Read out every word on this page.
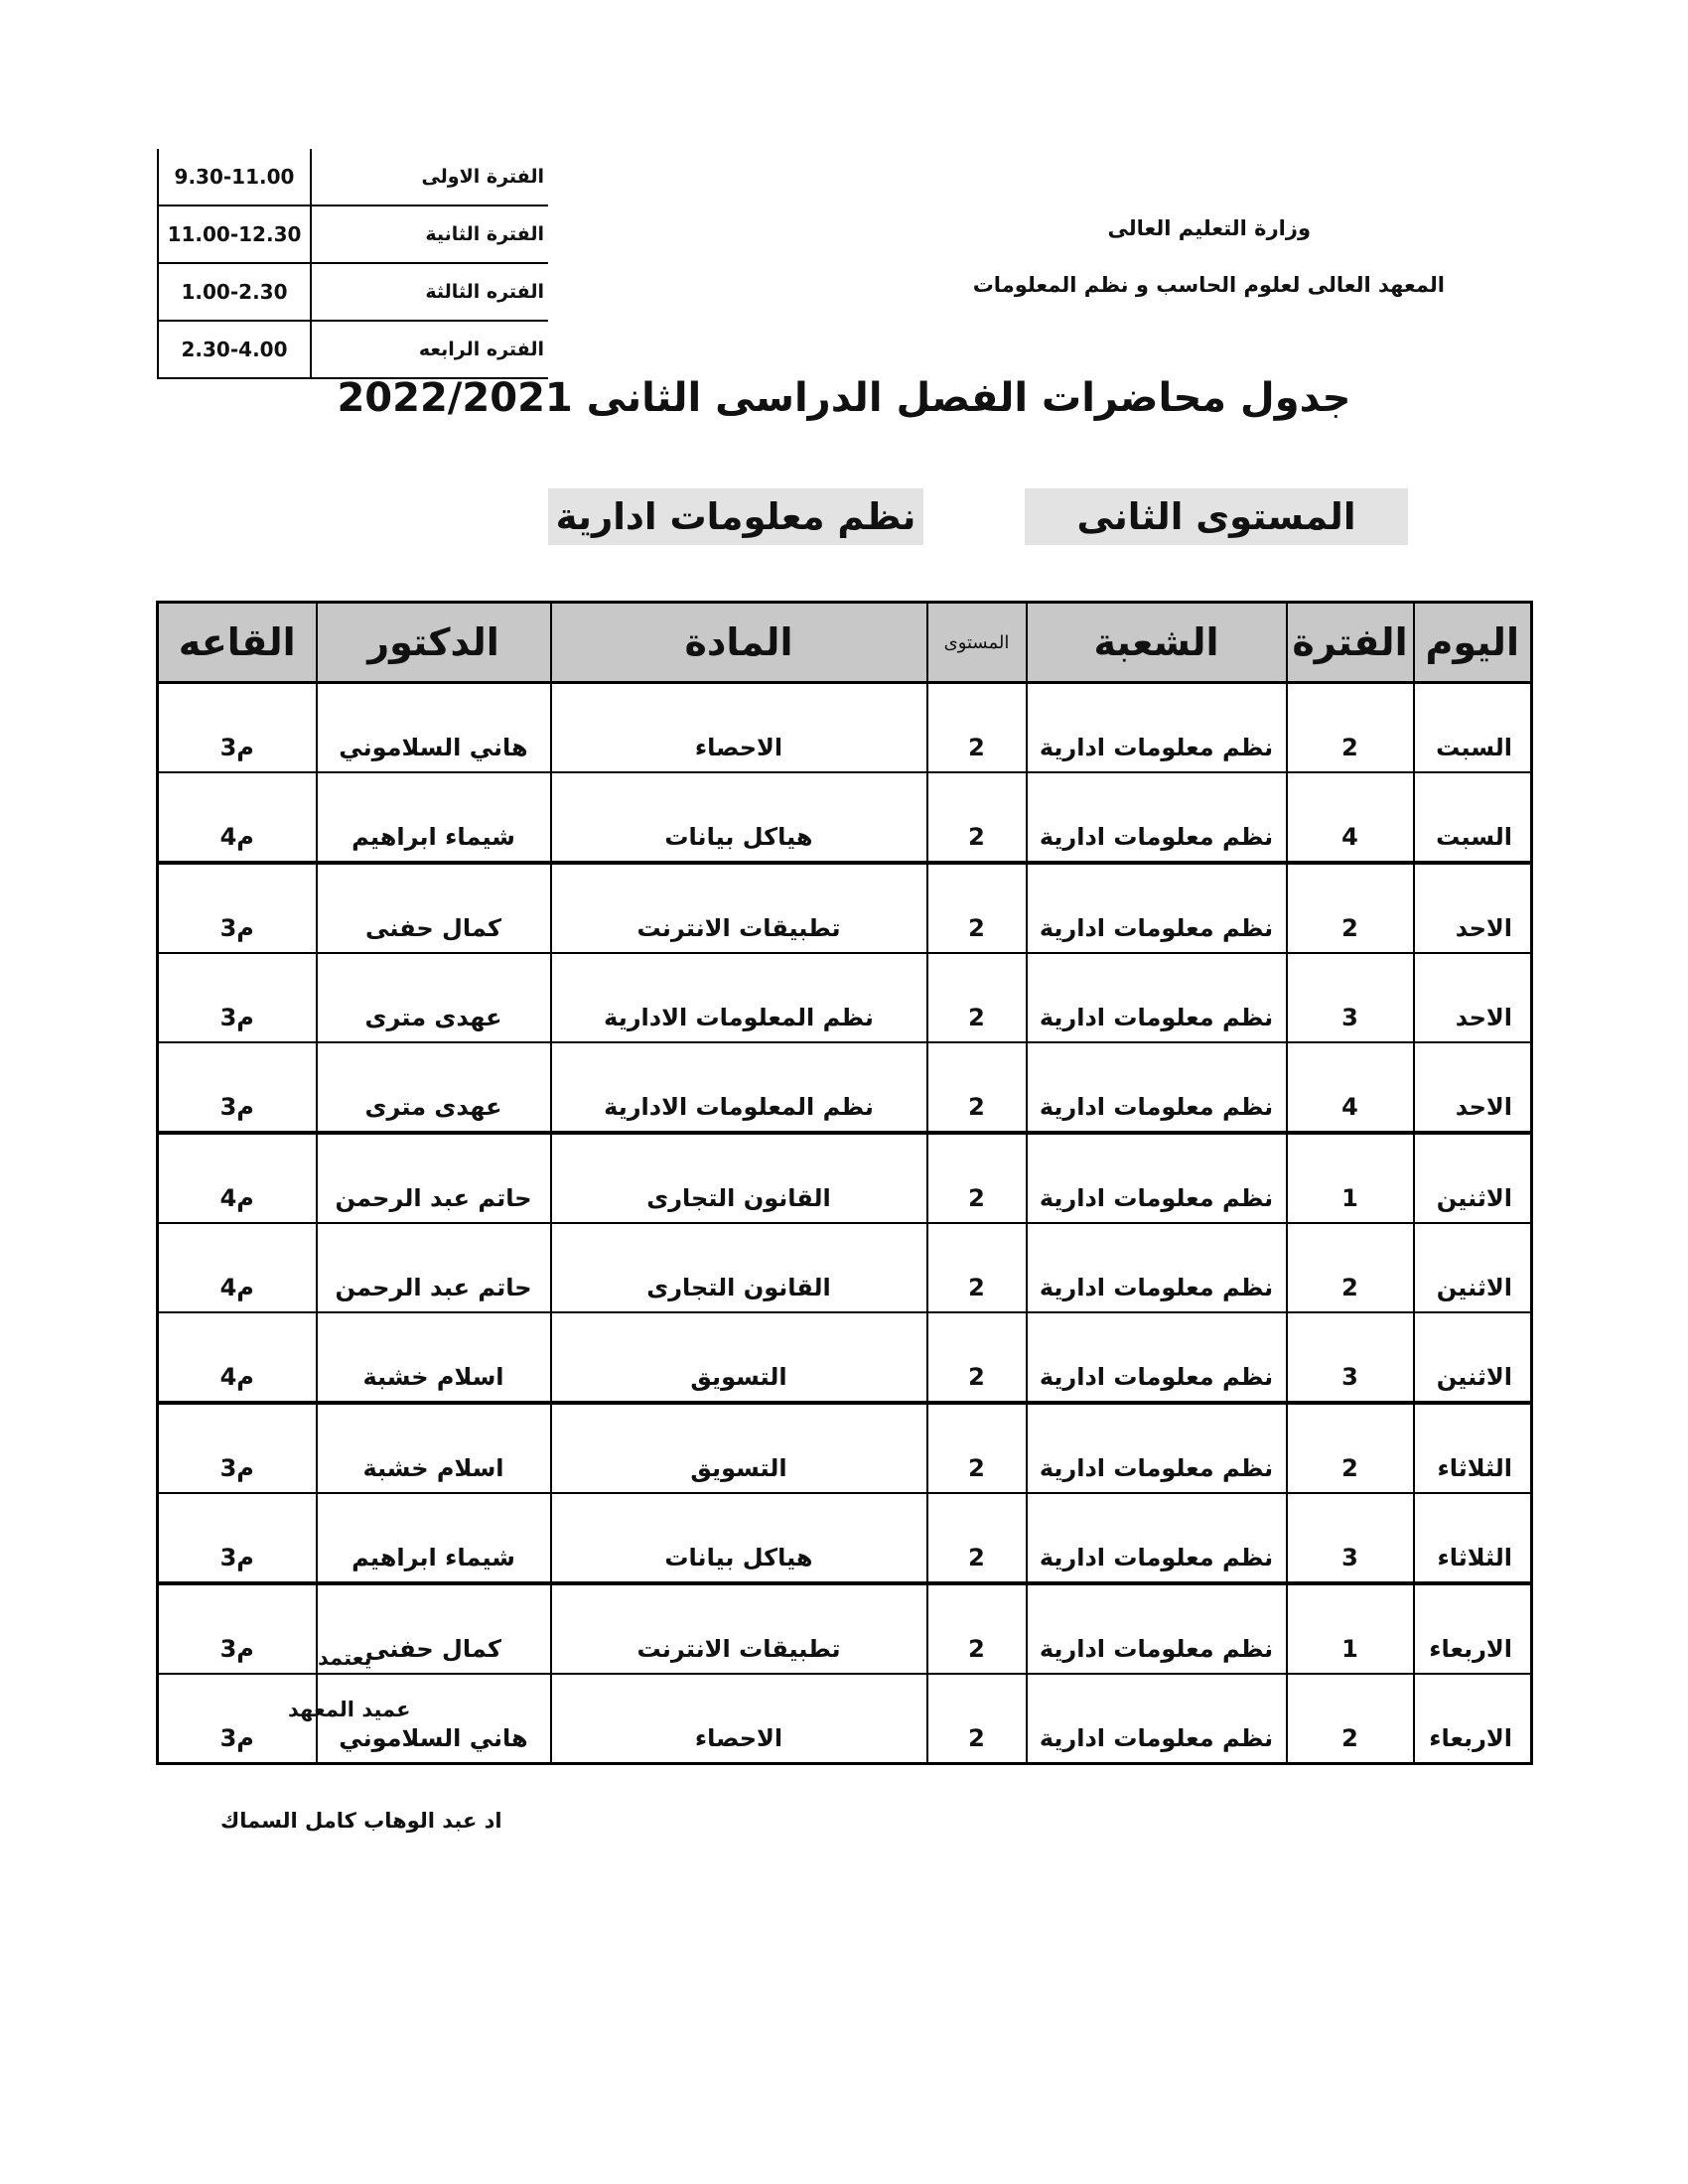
الفترة الاولى	9.30-11.00
الفترة الثانية	11.00-12.30
الفتره الثالثة	1.00-2.30
الفتره الرابعه	2.30-4.00
وزارة التعليم العالى
المعهد العالى لعلوم الحاسب و نظم المعلومات
جدول محاضرات الفصل الدراسى الثانى 2022/2021
المستوى الثانى
نظم معلومات ادارية
اليوم	الفترة	الشعبة	المستوى	المادة	الدكتور	القاعه
السبت	2	نظم معلومات ادارية	2	الاحصاء	هاني السلاموني	م3
السبت	4	نظم معلومات ادارية	2	هياكل بيانات	شيماء ابراهيم	م4
الاحد	2	نظم معلومات ادارية	2	تطبيقات الانترنت	كمال حفنى	م3
الاحد	3	نظم معلومات ادارية	2	نظم المعلومات الادارية	عهدى مترى	م3
الاحد	4	نظم معلومات ادارية	2	نظم المعلومات الادارية	عهدى مترى	م3
الاثنين	1	نظم معلومات ادارية	2	القانون التجارى	حاتم عبد الرحمن	م4
الاثنين	2	نظم معلومات ادارية	2	القانون التجارى	حاتم عبد الرحمن	م4
الاثنين	3	نظم معلومات ادارية	2	التسويق	اسلام خشبة	م4
الثلاثاء	2	نظم معلومات ادارية	2	التسويق	اسلام خشبة	م3
الثلاثاء	3	نظم معلومات ادارية	2	هياكل بيانات	شيماء ابراهيم	م3
الاربعاء	1	نظم معلومات ادارية	2	تطبيقات الانترنت	كمال حفنى	م3
الاربعاء	2	نظم معلومات ادارية	2	الاحصاء	هاني السلاموني	م3
يعتمد
عميد المعهد
اد عبد الوهاب كامل السماك
